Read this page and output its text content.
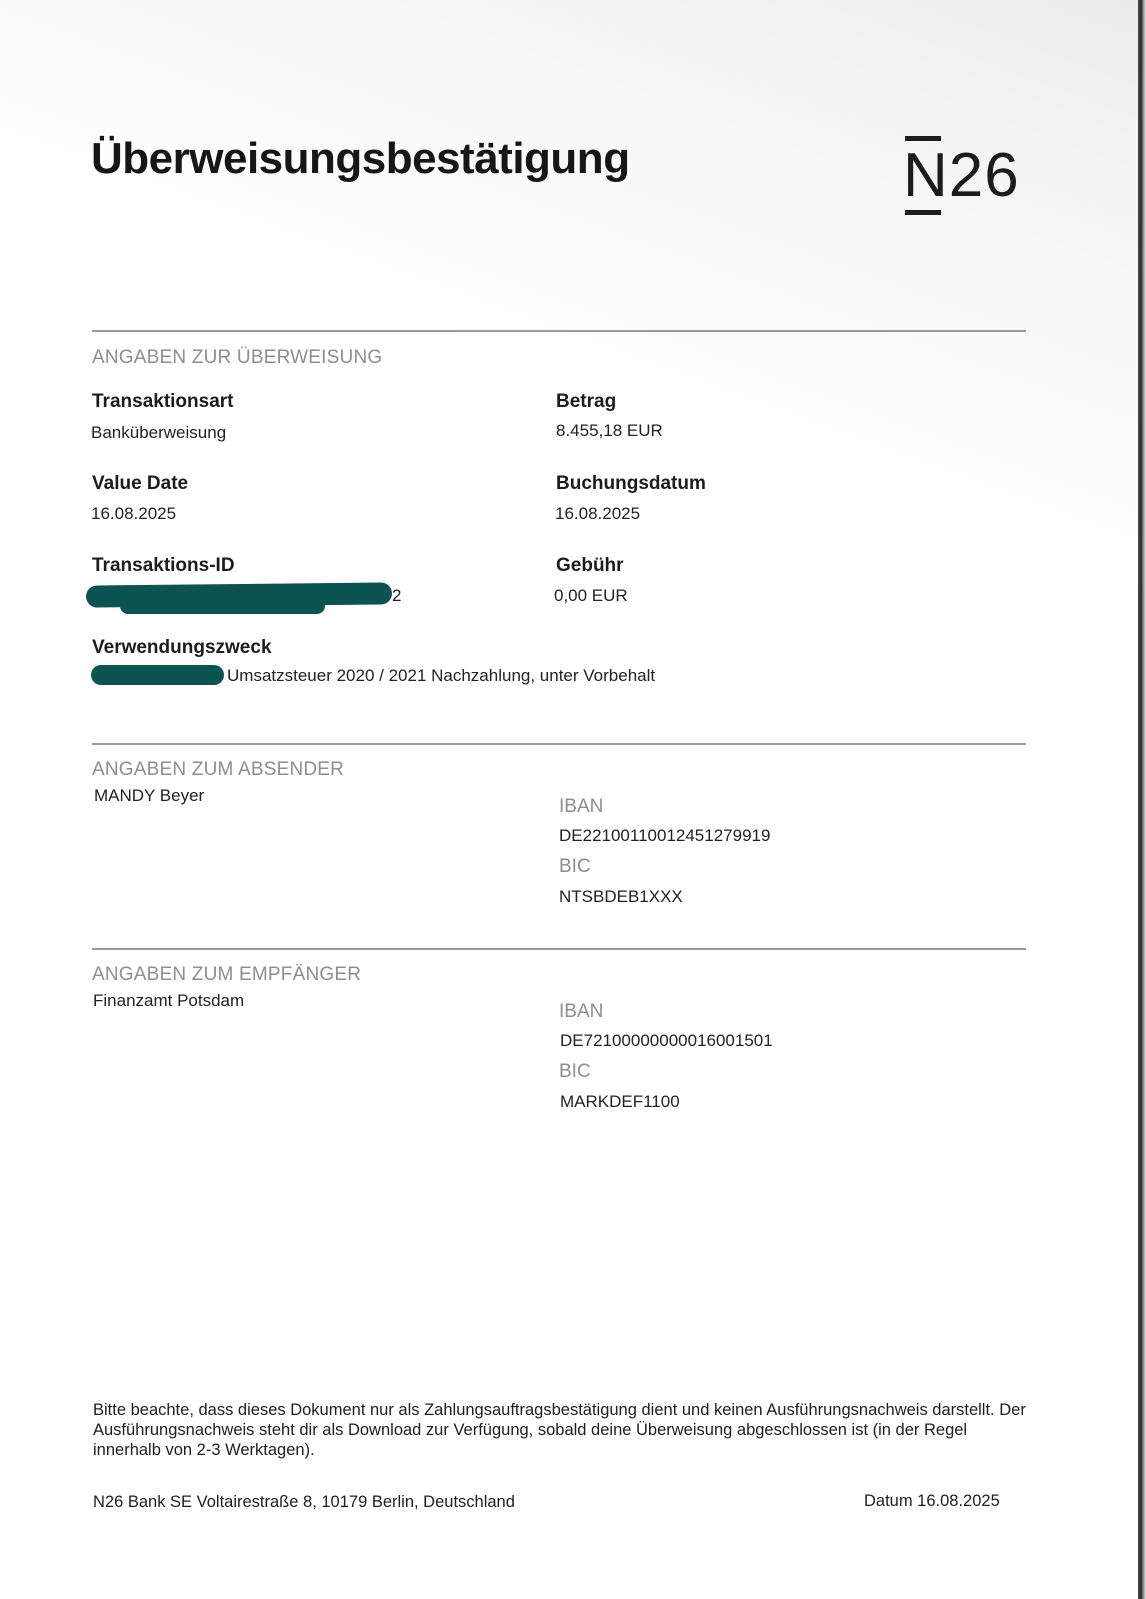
Überweisungsbestätigung	N26
ANGABEN ZUR ÜBERWEISUNG
Transaktionsart
Banküberweisung
Betrag
8.455,18 EUR
Value Date
16.08.2025
Buchungsdatum
16.08.2025
Transaktions-ID
2
Gebühr
0,00 EUR
Verwendungszweck
Umsatzsteuer 2020 / 2021 Nachzahlung, unter Vorbehalt
ANGABEN ZUM ABSENDER
MANDY Beyer
IBAN
DE22100110012451279919
BIC
NTSBDEB1XXX
ANGABEN ZUM EMPFÄNGER
Finanzamt Potsdam
IBAN
DE72100000000016001501
BIC
MARKDEF1100

Bitte beachte, dass dieses Dokument nur als Zahlungsauftragsbestätigung dient und keinen Ausführungsnachweis darstellt. Der Ausführungsnachweis steht dir als Download zur Verfügung, sobald deine Überweisung abgeschlossen ist (in der Regel innerhalb von 2-3 Werktagen).

N26 Bank SE Voltairestraße 8, 10179 Berlin, Deutschland	Datum 16.08.2025
